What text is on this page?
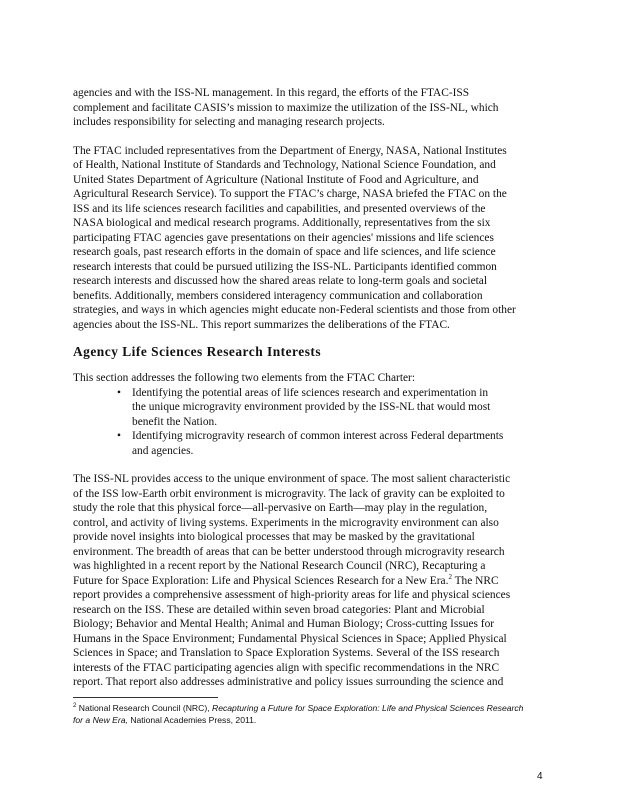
agencies and with the ISS-NL management. In this regard, the efforts of the FTAC-ISS
complement and facilitate CASIS’s mission to maximize the utilization of the ISS-NL, which
includes responsibility for selecting and managing research projects.

The FTAC included representatives from the Department of Energy, NASA, National Institutes
of Health, National Institute of Standards and Technology, National Science Foundation, and
United States Department of Agriculture (National Institute of Food and Agriculture, and
Agricultural Research Service). To support the FTAC’s charge, NASA briefed the FTAC on the
ISS and its life sciences research facilities and capabilities, and presented overviews of the
NASA biological and medical research programs. Additionally, representatives from the six
participating FTAC agencies gave presentations on their agencies' missions and life sciences
research goals, past research efforts in the domain of space and life sciences, and life science
research interests that could be pursued utilizing the ISS-NL. Participants identified common
research interests and discussed how the shared areas relate to long-term goals and societal
benefits. Additionally, members considered interagency communication and collaboration
strategies, and ways in which agencies might educate non-Federal scientists and those from other
agencies about the ISS-NL. This report summarizes the deliberations of the FTAC.

Agency Life Sciences Research Interests

This section addresses the following two elements from the FTAC Charter:

• Identifying the potential areas of life sciences research and experimentation in
the unique microgravity environment provided by the ISS-NL that would most
benefit the Nation.
• Identifying microgravity research of common interest across Federal departments
and agencies.

The ISS-NL provides access to the unique environment of space. The most salient characteristic
of the ISS low-Earth orbit environment is microgravity. The lack of gravity can be exploited to
study the role that this physical force—all-pervasive on Earth—may play in the regulation,
control, and activity of living systems. Experiments in the microgravity environment can also
provide novel insights into biological processes that may be masked by the gravitational
environment. The breadth of areas that can be better understood through microgravity research
was highlighted in a recent report by the National Research Council (NRC), Recapturing a
Future for Space Exploration: Life and Physical Sciences Research for a New Era.$^2$ The NRC
report provides a comprehensive assessment of high-priority areas for life and physical sciences
research on the ISS. These are detailed within seven broad categories: Plant and Microbial
Biology; Behavior and Mental Health; Animal and Human Biology; Cross-cutting Issues for
Humans in the Space Environment; Fundamental Physical Sciences in Space; Applied Physical
Sciences in Space; and Translation to Space Exploration Systems. Several of the ISS research
interests of the FTAC participating agencies align with specific recommendations in the NRC
report. That report also addresses administrative and policy issues surrounding the science and

$^2$ National Research Council (NRC), Recapturing a Future for Space Exploration: Life and Physical Sciences Research
for a New Era, National Academies Press, 2011.
4
